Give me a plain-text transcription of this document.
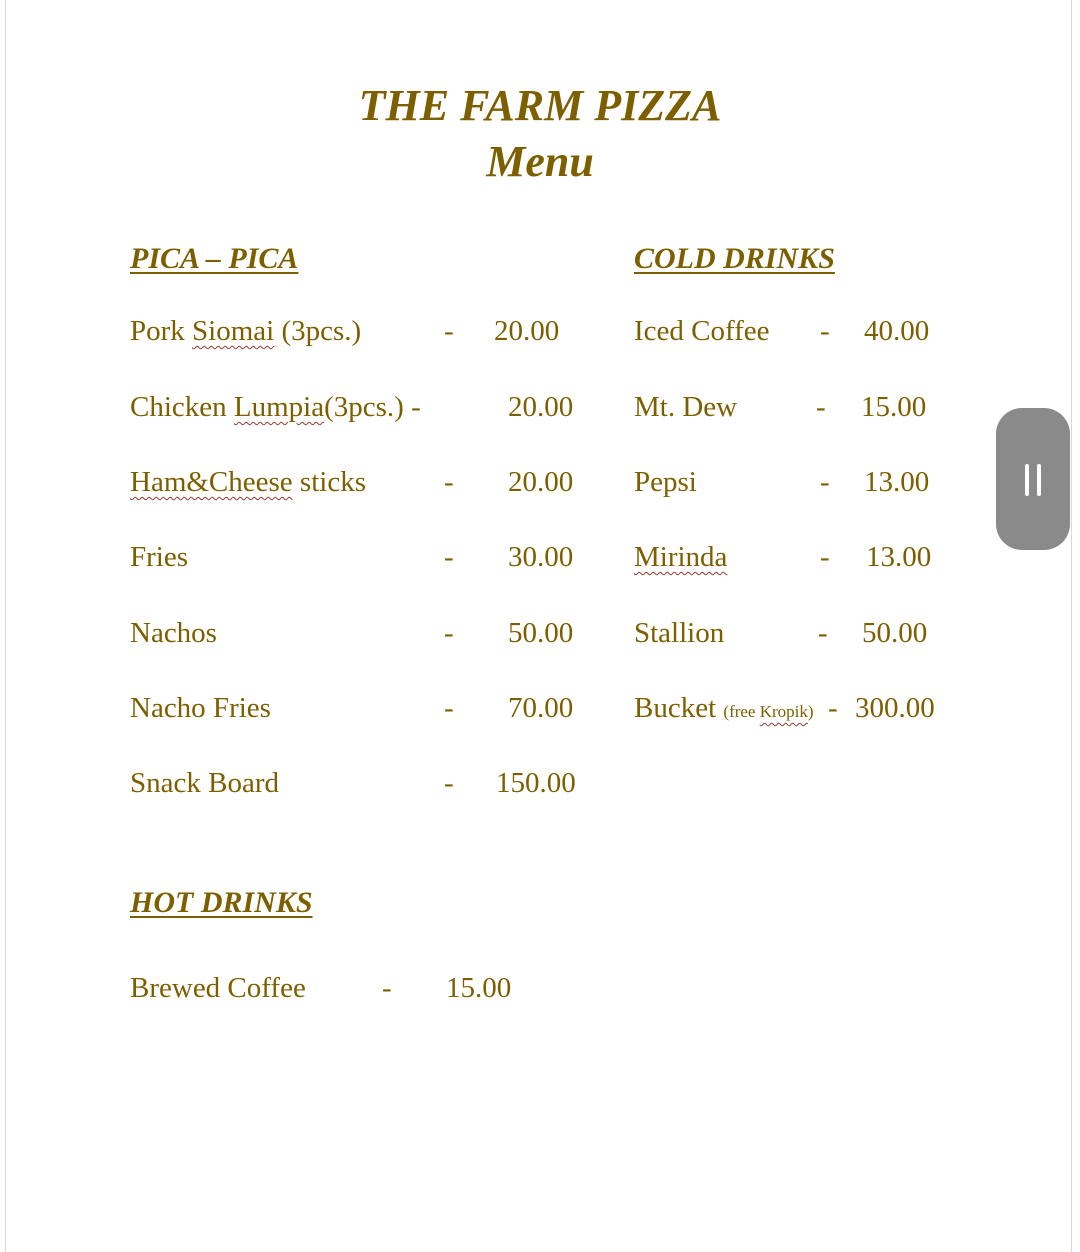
THE FARM PIZZA
Menu
PICA – PICA
Pork Siomai (3pcs.)	- 20.00
Chicken Lumpia(3pcs.) -	20.00
Ham&Cheese sticks	- 20.00
Fries	- 30.00
Nachos	- 50.00
Nacho Fries	- 70.00
Snack Board	- 150.00
COLD DRINKS
Iced Coffee - 40.00
Mt. Dew	- 15.00
Pepsi	- 13.00
Mirinda	- 13.00
Stallion	- 50.00
Bucket (free Kropik) - 300.00
HOT DRINKS
Brewed Coffee	- 15.00
